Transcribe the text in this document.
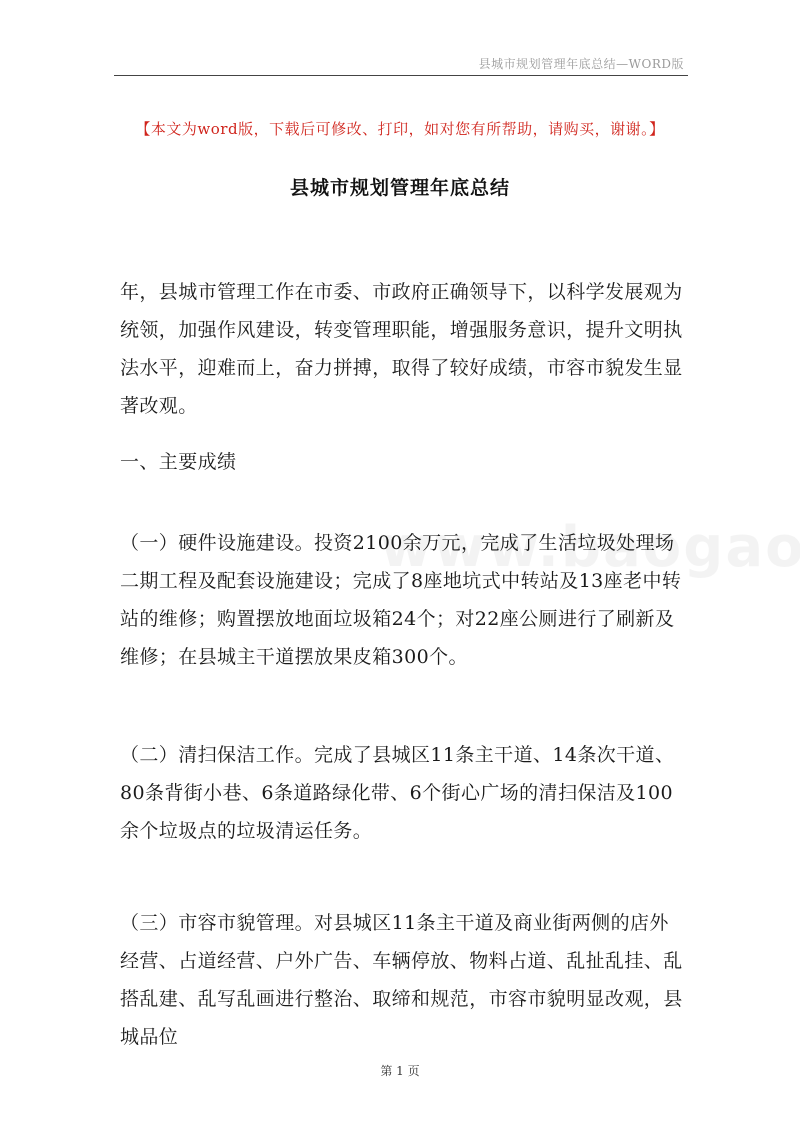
县城市规划管理年底总结—WORD版
【本文为word版，下载后可修改、打印，如对您有所帮助，请购买，谢谢。】
县城市规划管理年底总结

年，县城市管理工作在市委、市政府正确领导下，以科学发展观为统领，加强作风建设，转变管理职能，增强服务意识，提升文明执法水平，迎难而上，奋力拼搏，取得了较好成绩，市容市貌发生显著改观。

一、主要成绩

（一）硬件设施建设。投资2100余万元，完成了生活垃圾处理场二期工程及配套设施建设；完成了8座地坑式中转站及13座老中转站的维修；购置摆放地面垃圾箱24个；对22座公厕进行了刷新及维修；在县城主干道摆放果皮箱300个。

（二）清扫保洁工作。完成了县城区11条主干道、14条次干道、80条背街小巷、6条道路绿化带、6个街心广场的清扫保洁及100余个垃圾点的垃圾清运任务。

（三）市容市貌管理。对县城区11条主干道及商业街两侧的店外经营、占道经营、户外广告、车辆停放、物料占道、乱扯乱挂、乱搭乱建、乱写乱画进行整治、取缔和规范，市容市貌明显改观，县城品位

第 1 页
